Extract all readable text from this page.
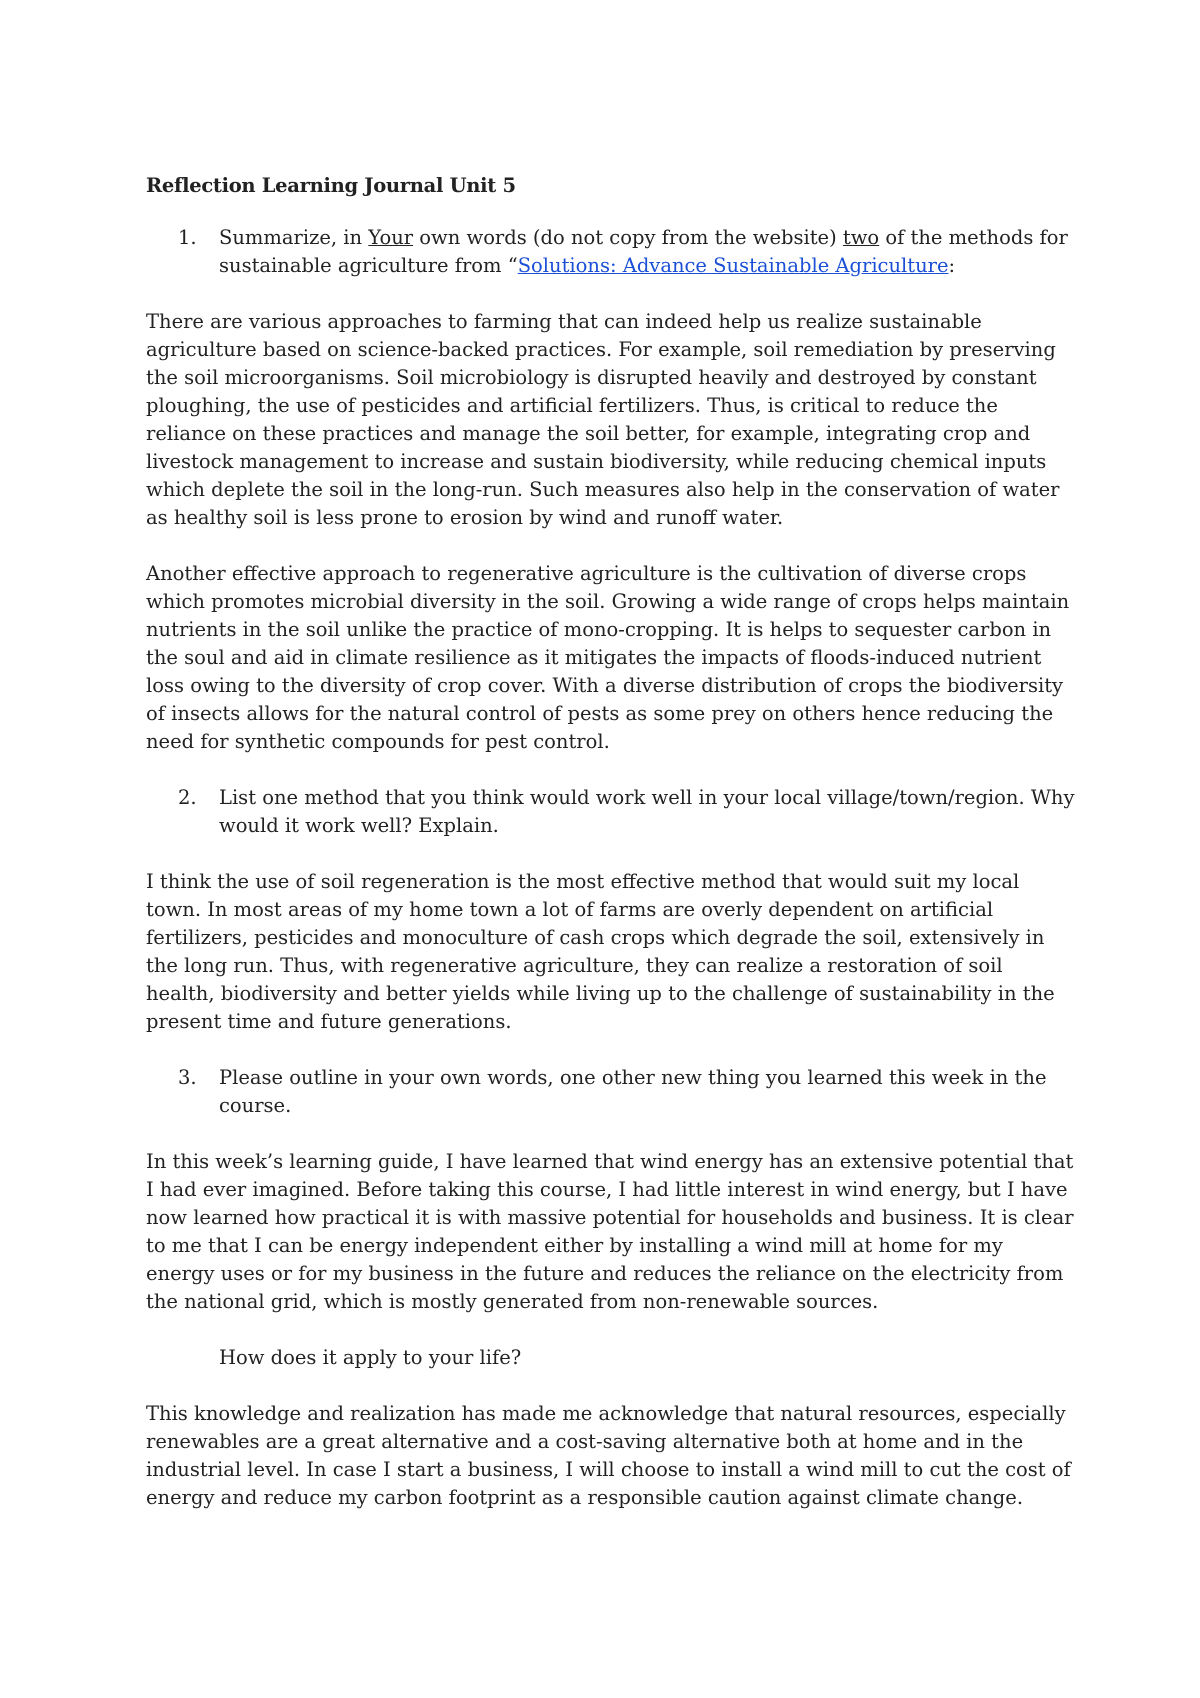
Reflection Learning Journal Unit 5
1. Summarize, in Your own words (do not copy from the website) two of the methods for sustainable agriculture from “Solutions: Advance Sustainable Agriculture:

There are various approaches to farming that can indeed help us realize sustainable agriculture based on science-backed practices. For example, soil remediation by preserving the soil microorganisms. Soil microbiology is disrupted heavily and destroyed by constant ploughing, the use of pesticides and artificial fertilizers. Thus, is critical to reduce the reliance on these practices and manage the soil better, for example, integrating crop and livestock management to increase and sustain biodiversity, while reducing chemical inputs which deplete the soil in the long-run. Such measures also help in the conservation of water as healthy soil is less prone to erosion by wind and runoff water.

Another effective approach to regenerative agriculture is the cultivation of diverse crops which promotes microbial diversity in the soil. Growing a wide range of crops helps maintain nutrients in the soil unlike the practice of mono-cropping. It is helps to sequester carbon in the soul and aid in climate resilience as it mitigates the impacts of floods-induced nutrient loss owing to the diversity of crop cover. With a diverse distribution of crops the biodiversity of insects allows for the natural control of pests as some prey on others hence reducing the need for synthetic compounds for pest control.

2. List one method that you think would work well in your local village/town/region. Why would it work well? Explain.

I think the use of soil regeneration is the most effective method that would suit my local town. In most areas of my home town a lot of farms are overly dependent on artificial fertilizers, pesticides and monoculture of cash crops which degrade the soil, extensively in the long run. Thus, with regenerative agriculture, they can realize a restoration of soil health, biodiversity and better yields while living up to the challenge of sustainability in the present time and future generations.

3. Please outline in your own words, one other new thing you learned this week in the course.

In this week’s learning guide, I have learned that wind energy has an extensive potential that I had ever imagined. Before taking this course, I had little interest in wind energy, but I have now learned how practical it is with massive potential for households and business. It is clear to me that I can be energy independent either by installing a wind mill at home for my energy uses or for my business in the future and reduces the reliance on the electricity from the national grid, which is mostly generated from non-renewable sources.

How does it apply to your life?

This knowledge and realization has made me acknowledge that natural resources, especially renewables are a great alternative and a cost-saving alternative both at home and in the industrial level. In case I start a business, I will choose to install a wind mill to cut the cost of energy and reduce my carbon footprint as a responsible caution against climate change.
